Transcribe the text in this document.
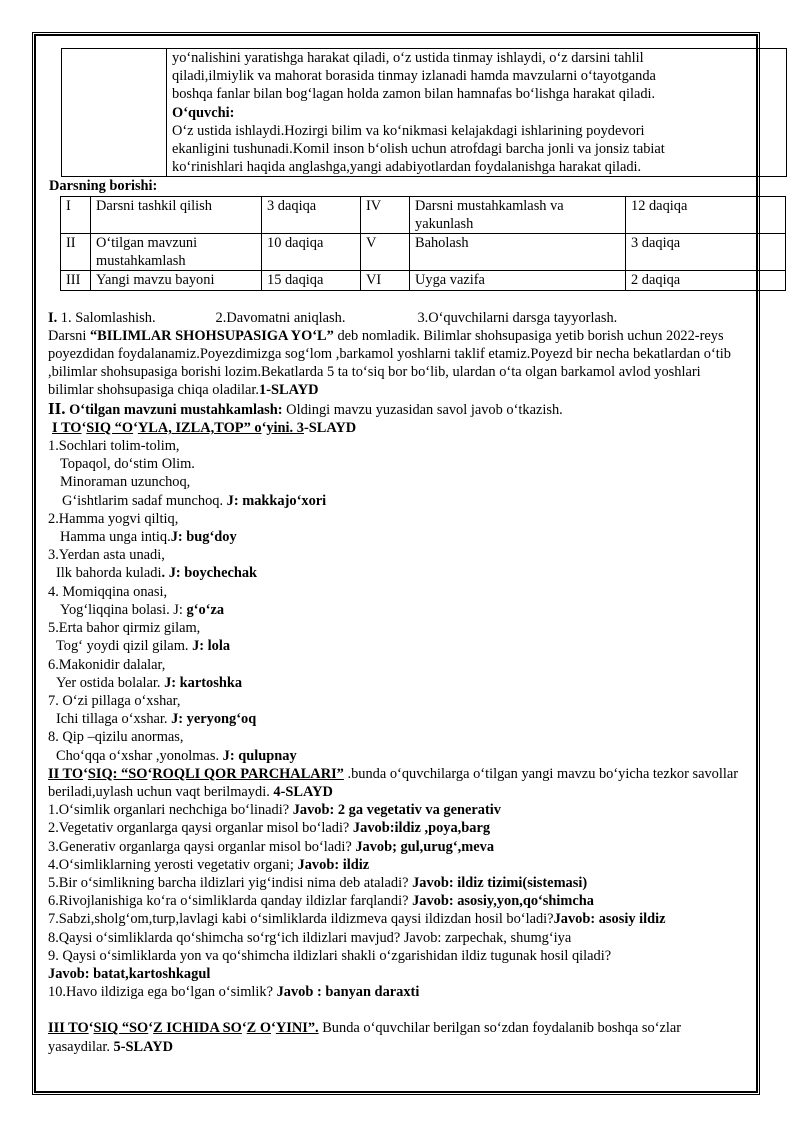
yo‘nalishini yaratishga harakat qiladi, o‘z ustida tinmay ishlaydi, o‘z darsini tahlil

qiladi,ilmiylik va mahorat borasida tinmay izlanadi hamda mavzularni o‘tayotganda

boshqa fanlar bilan bog‘lagan holda zamon bilan hamnafas bo‘lishga harakat qiladi.

O‘quvchi:

O‘z ustida ishlaydi.Hozirgi bilim va ko‘nikmasi kelajakdagi ishlarining poydevori

ekanligini tushunadi.Komil inson b‘olish uchun atrofdagi barcha jonli va jonsiz tabiat

ko‘rinishlari haqida anglashga,yangi adabiyotlardan foydalanishga harakat qiladi.

Darsning borishi:

I	Darsni tashkil qilish	3 daqiqa	IV	Darsni mustahkamlash va yakunlash	12 daqiqa
II	O‘tilgan mavzuni mustahkamlash	10 daqiqa	V	Baholash	3 daqiqa
III	Yangi mavzu bayoni	15 daqiqa	VI	Uyga vazifa	2 daqiqa

I. 1. Salomlashish.	2.Davomatni aniqlash.	3.O‘quvchilarni darsga tayyorlash.

Darsni “BILIMLAR SHOHSUPASIGA YO‘L” deb nomladik. Bilimlar shohsupasiga yetib borish uchun 2022-reys poyezdidan foydalanamiz.Poyezdimizga sog‘lom ,barkamol yoshlarni taklif etamiz.Poyezd bir necha bekatlardan o‘tib ,bilimlar shohsupasiga borishi lozim.Bekatlarda 5 ta to‘siq bor bo‘lib, ulardan o‘ta olgan barkamol avlod yoshlari bilimlar shohsupasiga chiqa oladilar.1-SLAYD

II. O‘tilgan mavzuni mustahkamlash: Oldingi mavzu yuzasidan savol javob o‘tkazish.

I TO‘SIQ “O‘YLA, IZLA,TOP” o‘yini. 3-SLAYD

1.Sochlari tolim-tolim,

Topaqol, do‘stim Olim.

Minoraman uzunchoq,

G‘ishtlarim sadaf munchoq. J: makkajo‘xori

2.Hamma yogvi qiltiq,

Hamma unga intiq.J: bug‘doy

3.Yerdan asta unadi,

Ilk bahorda kuladi. J: boychechak

4. Momiqqina onasi,

Yog‘liqqina bolasi. J: g‘o‘za

5.Erta bahor qirmiz gilam,

Tog‘ yoydi qizil gilam. J: lola

6.Makonidir dalalar,

Yer ostida bolalar. J: kartoshka

7. O‘zi pillaga o‘xshar,

Ichi tillaga o‘xshar. J: yeryong‘oq

8. Qip –qizilu anormas,

Cho‘qqa o‘xshar ,yonolmas. J: qulupnay

II TO‘SIQ: “SO‘ROQLI QOR PARCHALARI” .bunda o‘quvchilarga o‘tilgan yangi mavzu bo‘yicha tezkor savollar beriladi,uylash uchun vaqt berilmaydi. 4-SLAYD

1.O‘simlik organlari nechchiga bo‘linadi? Javob: 2 ga vegetativ va generativ

2.Vegetativ organlarga qaysi organlar misol bo‘ladi? Javob:ildiz ,poya,barg

3.Generativ organlarga qaysi organlar misol bo‘ladi? Javob; gul,urug‘,meva

4.O‘simliklarning yerosti vegetativ organi; Javob: ildiz

5.Bir o‘simlikning barcha ildizlari yig‘indisi nima deb ataladi? Javob: ildiz tizimi(sistemasi)

6.Rivojlanishiga ko‘ra o‘simliklarda qanday ildizlar farqlandi? Javob: asosiy,yon,qo‘shimcha

7.Sabzi,sholg‘om,turp,lavlagi kabi o‘simliklarda ildizmeva qaysi ildizdan hosil bo‘ladi?Javob: asosiy ildiz

8.Qaysi o‘simliklarda qo‘shimcha so‘rg‘ich ildizlari mavjud? Javob: zarpechak, shumg‘iya

9. Qaysi o‘simliklarda yon va qo‘shimcha ildizlari shakli o‘zgarishidan ildiz tugunak hosil qiladi?

Javob: batat,kartoshkagul

10.Havo ildiziga ega bo‘lgan o‘simlik? Javob : banyan daraxti

III TO‘SIQ “SO‘Z ICHIDA SO‘Z O‘YINI”. Bunda o‘quvchilar berilgan so‘zdan foydalanib boshqa so‘zlar yasaydilar. 5-SLAYD
